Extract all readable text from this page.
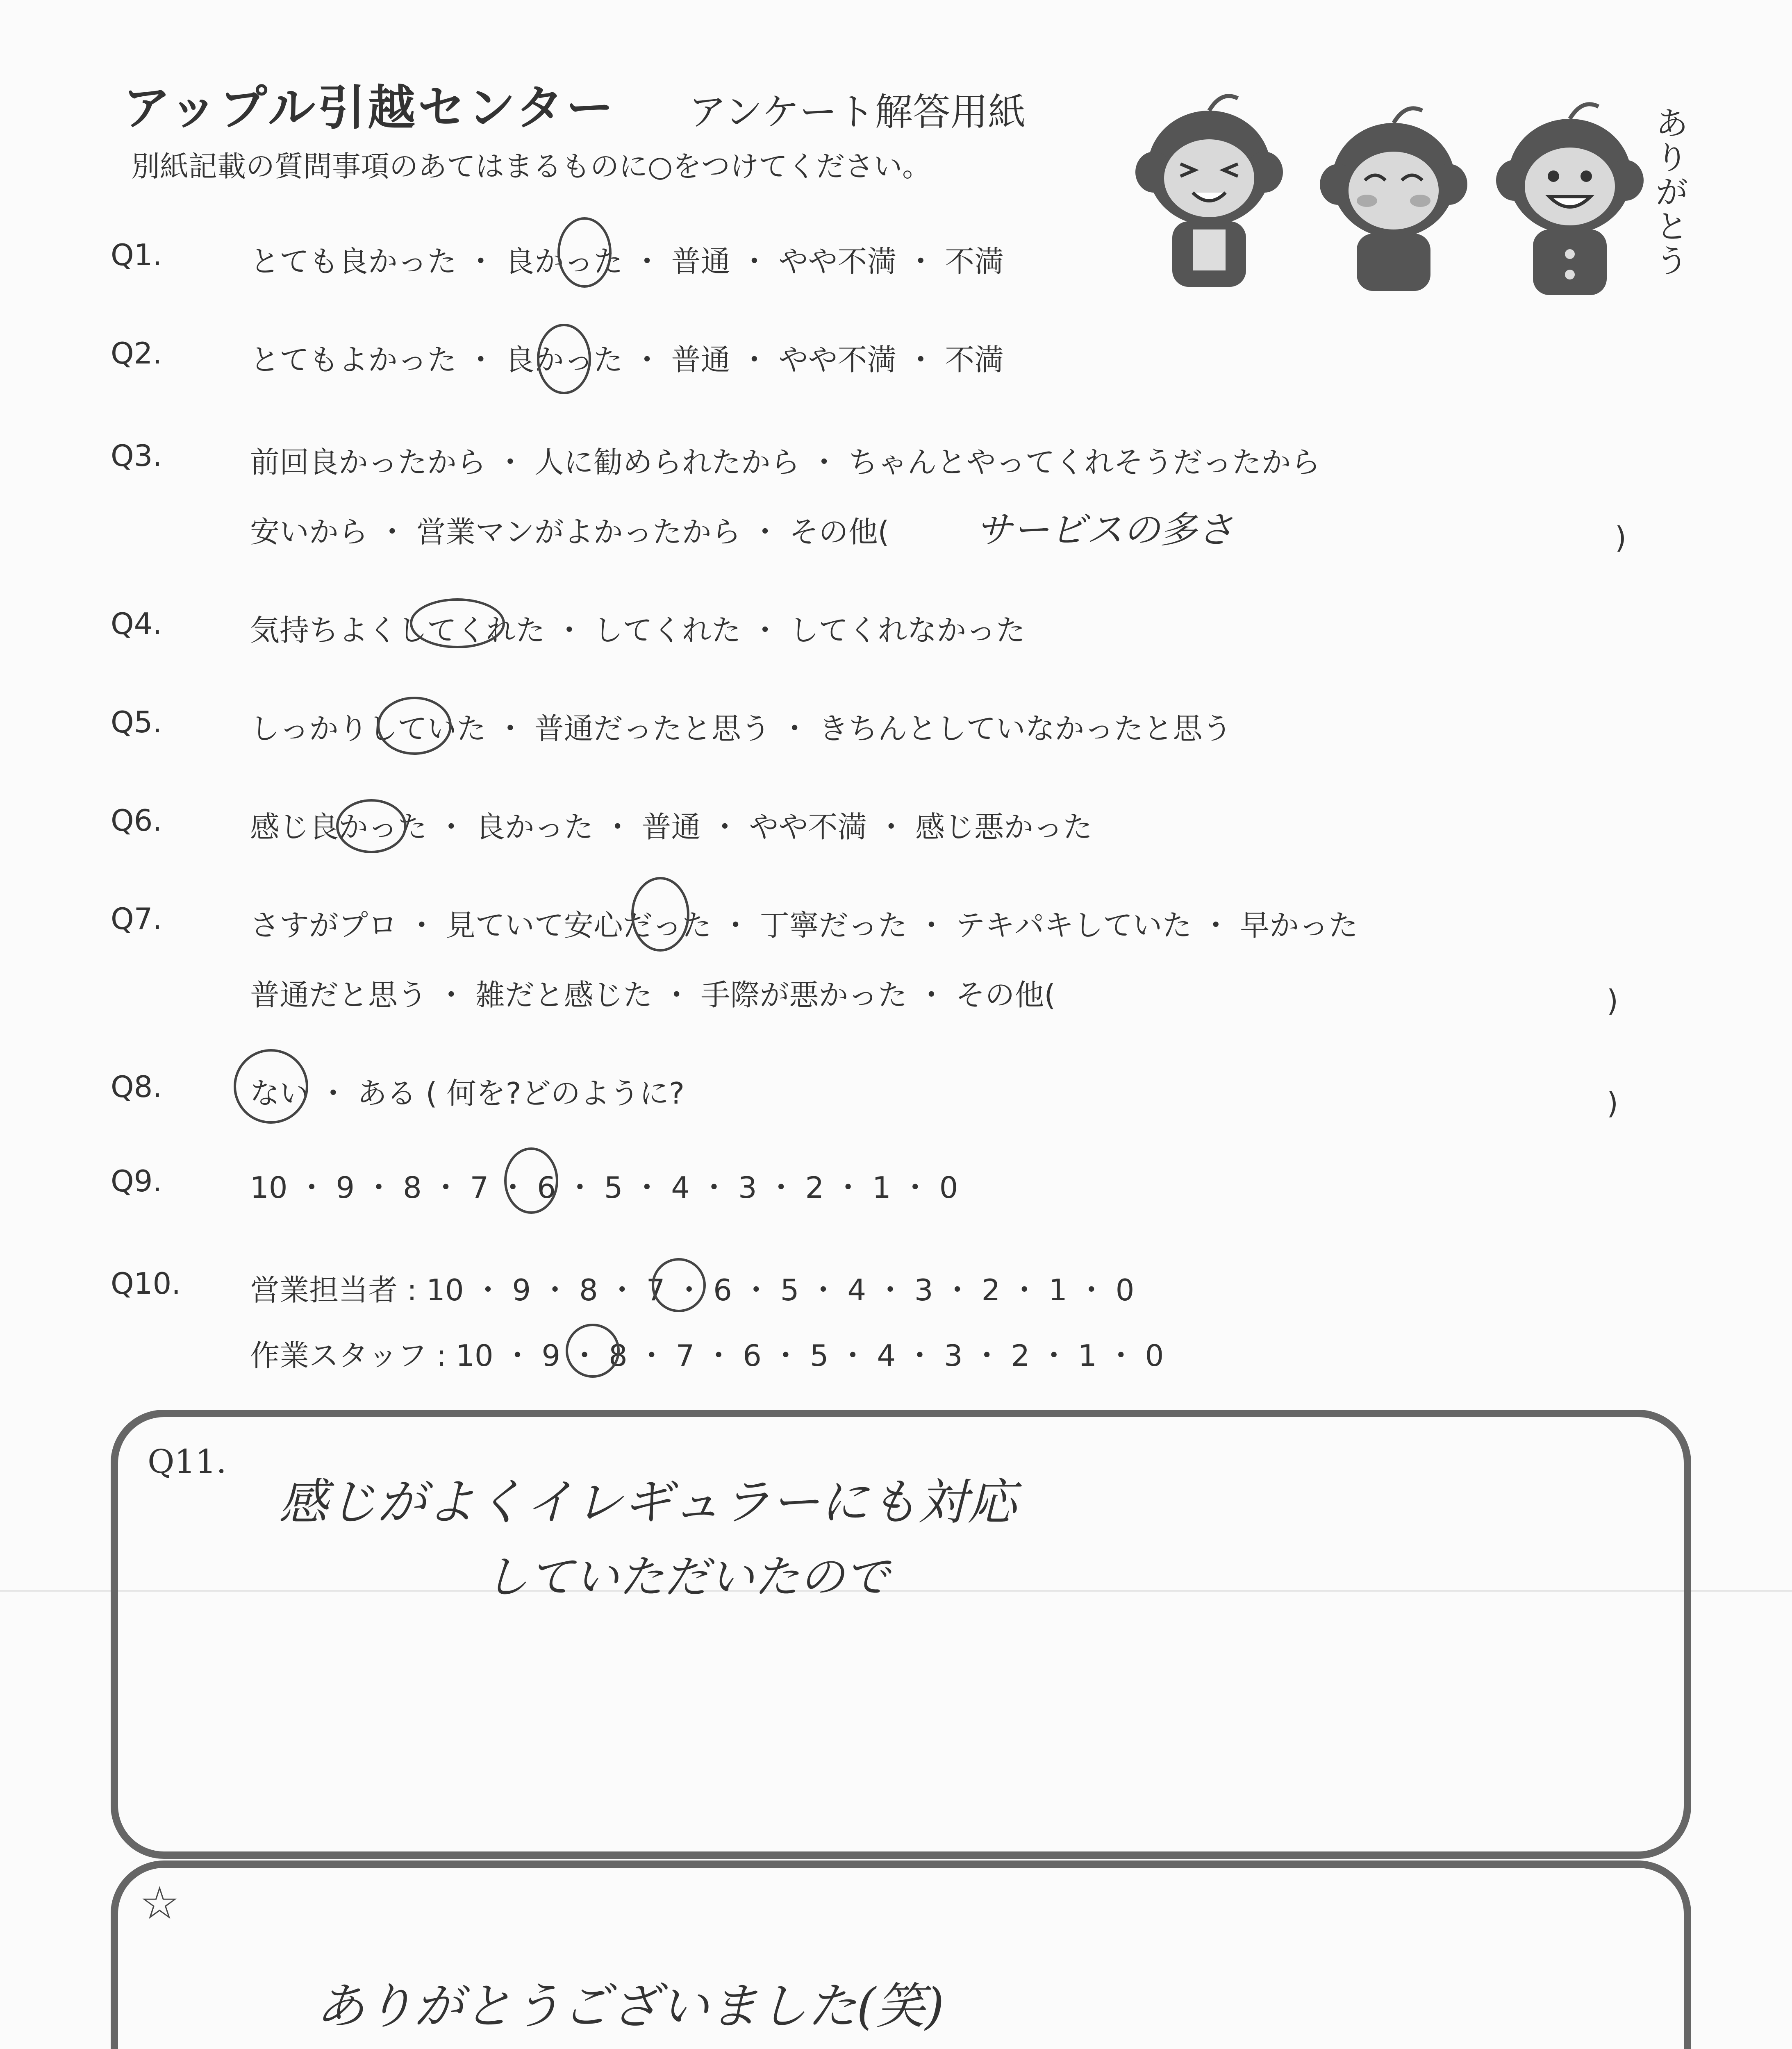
アップル引越センター アンケート解答用紙
別紙記載の質問事項のあてはまるものに○をつけてください。
ありがとう
Q1.	とても良かった ・ 良かった ・ 普通 ・ やや不満 ・ 不満
Q2.	とてもよかった ・ 良かった ・ 普通 ・ やや不満 ・ 不満
Q3.	前回良かったから ・ 人に勧められたから ・ ちゃんとやってくれそうだったから
安いから ・ 営業マンがよかったから ・ その他( サービスの多さ	)
Q4.	気持ちよくしてくれた ・ してくれた ・ してくれなかった
Q5.	しっかりしていた ・ 普通だったと思う ・ きちんとしていなかったと思う
Q6.	感じ良かった ・ 良かった ・ 普通 ・ やや不満 ・ 感じ悪かった
Q7.	さすがプロ ・ 見ていて安心だった ・ 丁寧だった ・ テキパキしていた ・ 早かった
普通だと思う ・ 雑だと感じた ・ 手際が悪かった ・ その他(	)
Q8.	ない ・ ある ( 何を?どのように?	)
Q9.	10 ・ 9 ・ 8 ・ 7 ・ 6 ・ 5 ・ 4 ・ 3 ・ 2 ・ 1 ・ 0
Q10. 営業担当者 : 10 ・ 9 ・ 8 ・ 7 ・ 6 ・ 5 ・ 4 ・ 3 ・ 2 ・ 1 ・ 0
作業スタッフ : 10 ・ 9 ・ 8 ・ 7 ・ 6 ・ 5 ・ 4 ・ 3 ・ 2 ・ 1 ・ 0
Q11.
感じがよくイレギュラーにも対応
していただいたので
☆
ありがとうございました(笑)
